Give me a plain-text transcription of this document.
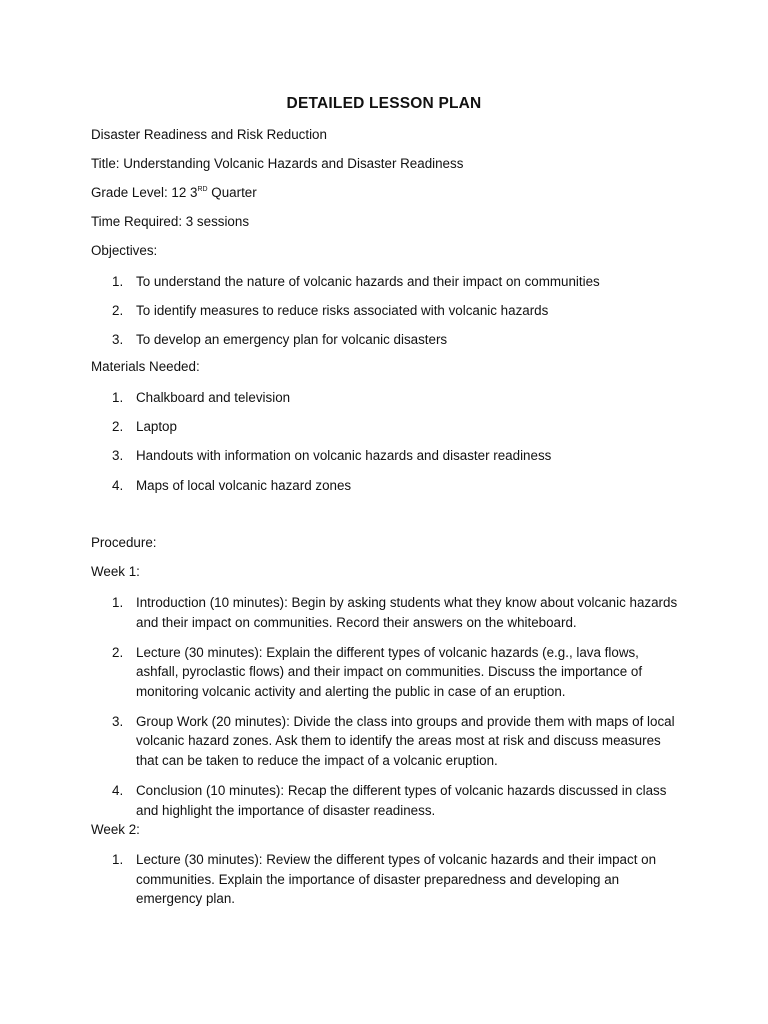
DETAILED LESSON PLAN
Disaster Readiness and Risk Reduction
Title: Understanding Volcanic Hazards and Disaster Readiness
Grade Level: 12 3RD Quarter
Time Required: 3 sessions
Objectives:
1. To understand the nature of volcanic hazards and their impact on communities
2. To identify measures to reduce risks associated with volcanic hazards
3. To develop an emergency plan for volcanic disasters
Materials Needed:
1. Chalkboard and television
2. Laptop
3. Handouts with information on volcanic hazards and disaster readiness
4. Maps of local volcanic hazard zones
Procedure:
Week 1:
1. Introduction (10 minutes): Begin by asking students what they know about volcanic hazards and their impact on communities. Record their answers on the whiteboard.
2. Lecture (30 minutes): Explain the different types of volcanic hazards (e.g., lava flows, ashfall, pyroclastic flows) and their impact on communities. Discuss the importance of monitoring volcanic activity and alerting the public in case of an eruption.
3. Group Work (20 minutes): Divide the class into groups and provide them with maps of local volcanic hazard zones. Ask them to identify the areas most at risk and discuss measures that can be taken to reduce the impact of a volcanic eruption.
4. Conclusion (10 minutes): Recap the different types of volcanic hazards discussed in class and highlight the importance of disaster readiness.
Week 2:
1. Lecture (30 minutes): Review the different types of volcanic hazards and their impact on communities. Explain the importance of disaster preparedness and developing an emergency plan.
